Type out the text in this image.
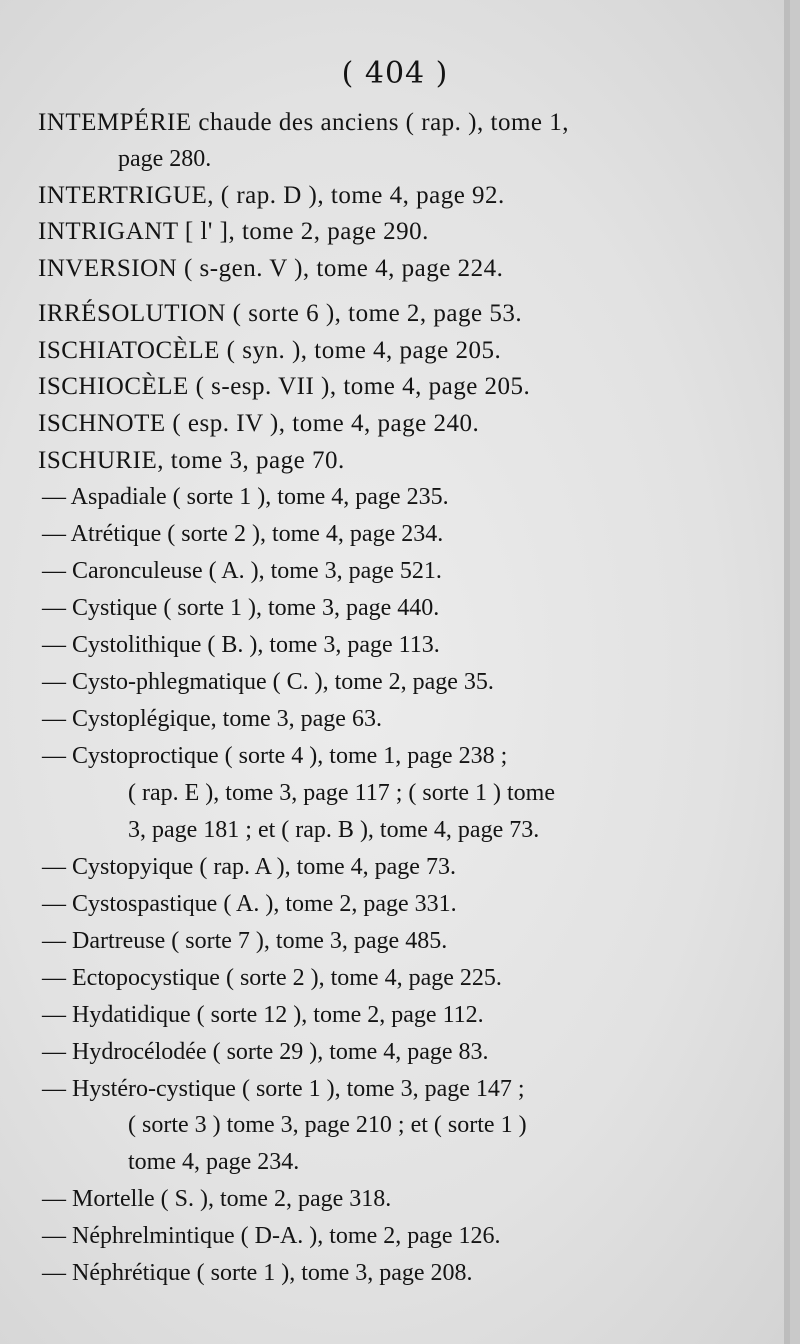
( 404 )
INTEMPÉRIE chaude des anciens ( rap. ), tome 1,
page 280.
INTERTRIGUE, ( rap. D ), tome 4, page 92.
INTRIGANT [ l' ], tome 2, page 290.
INVERSION ( s-gen. V ), tome 4, page 224.
IRRÉSOLUTION ( sorte 6 ), tome 2, page 53.
ISCHIATOCÈLE ( syn. ), tome 4, page 205.
ISCHIOCÈLE ( s-esp. VII ), tome 4, page 205.
ISCHNOTE ( esp. IV ), tome 4, page 240.
ISCHURIE, tome 3, page 70.
— Aspadiale ( sorte 1 ), tome 4, page 235.
— Atrétique ( sorte 2 ), tome 4, page 234.
— Caronculeuse ( A. ), tome 3, page 521.
— Cystique ( sorte 1 ), tome 3, page 440.
— Cystolithique ( B. ), tome 3, page 113.
— Cysto-phlegmatique ( C. ), tome 2, page 35.
— Cystoplégique, tome 3, page 63.
— Cystoproctique ( sorte 4 ), tome 1, page 238 ;
( rap. E ), tome 3, page 117 ; ( sorte 1 ) tome
3, page 181 ; et ( rap. B ), tome 4, page 73.
— Cystopyique ( rap. A ), tome 4, page 73.
— Cystospastique ( A. ), tome 2, page 331.
— Dartreuse ( sorte 7 ), tome 3, page 485.
— Ectopocystique ( sorte 2 ), tome 4, page 225.
— Hydatidique ( sorte 12 ), tome 2, page 112.
— Hydrocélodée ( sorte 29 ), tome 4, page 83.
— Hystéro-cystique ( sorte 1 ), tome 3, page 147 ;
( sorte 3 ) tome 3, page 210 ; et ( sorte 1 )
tome 4, page 234.
— Mortelle ( S. ), tome 2, page 318.
— Néphrelmintique ( D-A. ), tome 2, page 126.
— Néphrétique ( sorte 1 ), tome 3, page 208.
